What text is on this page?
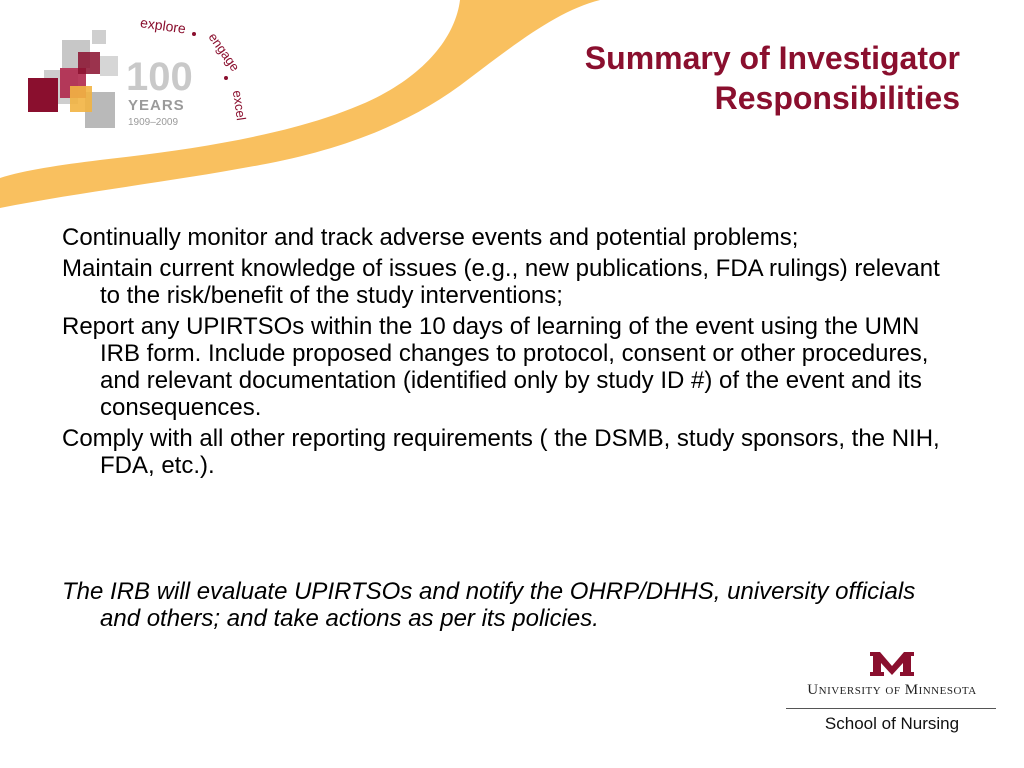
100
YEARS
1909–2009
explore
engage
excel
Summary of Investigator
Responsibilities
Continually monitor and track adverse events and potential problems;
Maintain current knowledge of issues (e.g., new publications, FDA rulings) relevant to the risk/benefit of the study interventions;
Report any UPIRTSOs within the 10 days of learning of the event using the UMN IRB form. Include proposed changes to protocol, consent or other procedures, and relevant documentation (identified only by study ID #) of the event and its consequences.
Comply with all other reporting requirements ( the DSMB, study sponsors, the NIH, FDA, etc.).

The IRB will evaluate UPIRTSOs and notify the OHRP/DHHS, university officials and others; and take actions as per its policies.

University of Minnesota
School of Nursing
